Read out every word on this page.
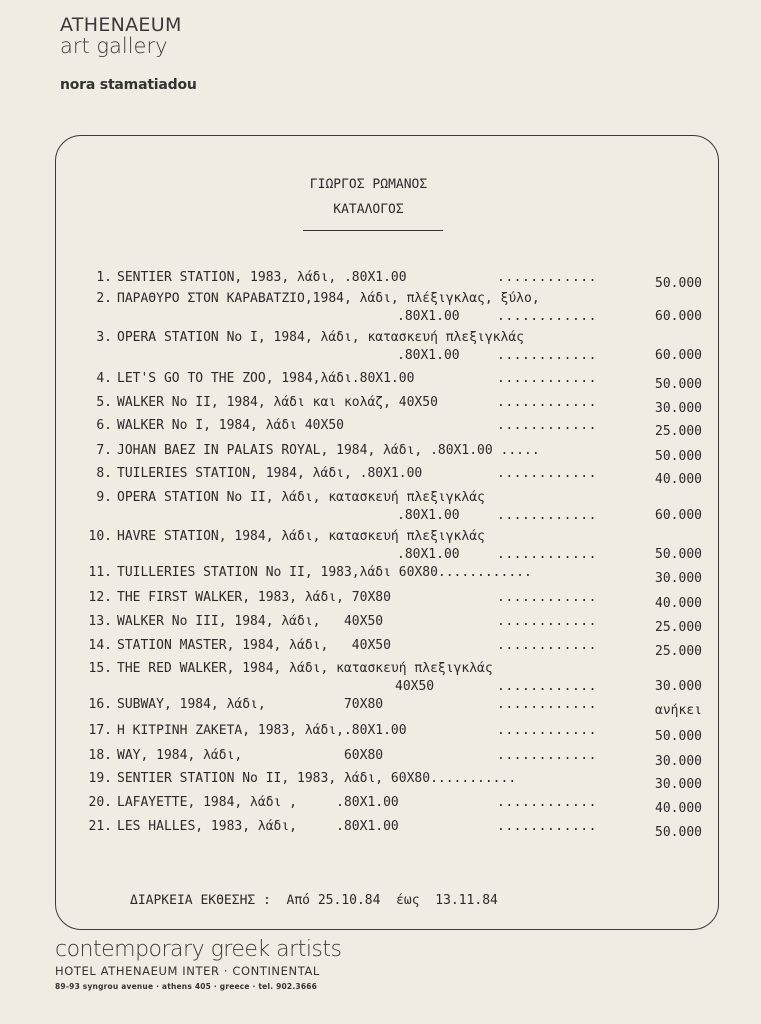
ATHENAEUM
art gallery
nora stamatiadou
ΓΙΩΡΓΟΣ ΡΩΜΑΝΟΣ
ΚΑΤΑΛΟΓΟΣ
1. SENTIER STATION, 1983, λάδι, .80X1.00	............	50.000
2. ΠΑΡΑΘΥΡΟ ΣΤΟΝ ΚΑΡΑΒΑΤΖΙΟ,1984, λάδι, πλέξιγκλας, ξύλο,
.80X1.00	............	60.000
3. OPERA STATION No I, 1984, λάδι, κατασκευή πλεξιγκλάς
.80X1.00	............	60.000
4. LET'S GO TO THE ZOO, 1984,λάδι.80X1.00	............	50.000
5. WALKER No II, 1984, λάδι και κολάζ, 40X50	............	30.000
6. WALKER No I, 1984, λάδι 40X50	............	25.000
7. JOHAN BAEZ IN PALAIS ROYAL, 1984, λάδι, .80X1.00 .....	50.000
8. TUILERIES STATION, 1984, λάδι, .80X1.00	............	40.000
9. OPERA STATION No II, λάδι, κατασκευή πλεξιγκλάς
.80X1.00	............	60.000
10. HAVRE STATION, 1984, λάδι, κατασκευή πλεξιγκλάς
.80X1.00	............	50.000
11. TUILLERIES STATION No II, 1983,λάδι 60X80............	30.000
12. THE FIRST WALKER, 1983, λάδι, 70X80	............	40.000
13. WALKER No III, 1984, λάδι,   40X50	............	25.000
14. STATION MASTER, 1984, λάδι,   40X50	............	25.000
15. THE RED WALKER, 1984, λάδι, κατασκευή πλεξιγκλάς
40X50	............	30.000
16. SUBWAY, 1984, λάδι,          70X80	............	ανήκει
17. Η ΚΙΤΡΙΝΗ ΖΑΚΕΤΑ, 1983, λάδι,.80X1.00	............	50.000
18. WAY, 1984, λάδι,             60X80	............	30.000
19. SENTIER STATION No II, 1983, λάδι, 60X80...........	30.000
20. LAFAYETTE, 1984, λάδι ,     .80X1.00	............	40.000
21. LES HALLES, 1983, λάδι,     .80X1.00	............	50.000
ΔΙΑΡΚΕΙΑ ΕΚΘΕΣΗΣ :  Από 25.10.84  έως  13.11.84
contemporary greek artists
HOTEL ATHENAEUM INTER · CONTINENTAL
89-93 syngrou avenue · athens 405 · greece · tel. 902.3666
